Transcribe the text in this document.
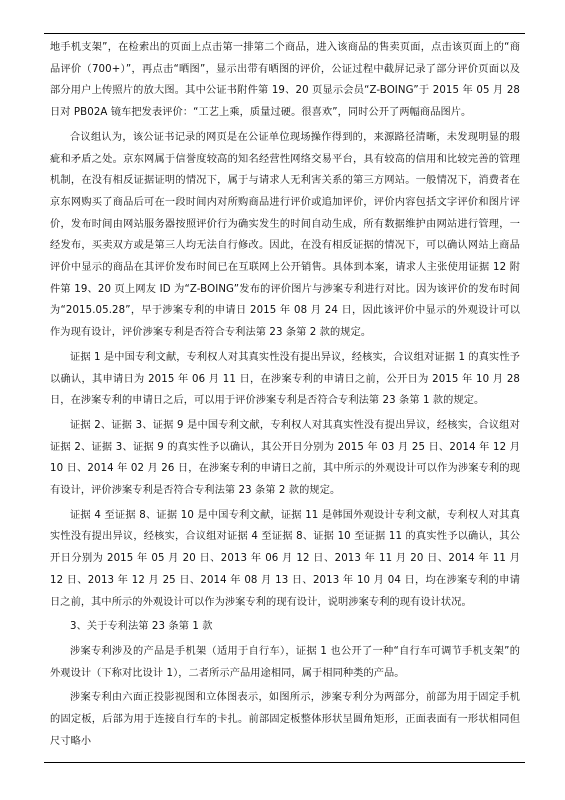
地手机支架”，在检索出的页面上点击第一排第二个商品，进入该商品的售卖页面，点击该页面上的“商品评价（700+）”，再点击“晒图”，显示出带有晒图的评价，公证过程中截屏记录了部分评价页面以及部分用户上传照片的放大图。其中公证书附件第 19、20 页显示会员“Z-BOING”于 2015 年 05 月 28 日对 PB02A 镜车把发表评价：“工艺上乘，质量过硬。很喜欢”，同时公开了两幅商品图片。

合议组认为，该公证书记录的网页是在公证单位现场操作得到的，来源路径清晰，未发现明显的瑕疵和矛盾之处。京东网属于信誉度较高的知名经营性网络交易平台，具有较高的信用和比较完善的管理机制，在没有相反证据证明的情况下，属于与请求人无利害关系的第三方网站。一般情况下，消费者在京东网购买了商品后可在一段时间内对所购商品进行评价或追加评价，评价内容包括文字评价和图片评价，发布时间由网站服务器按照评价行为确实发生的时间自动生成，所有数据维护由网站进行管理，一经发布，买卖双方或是第三人均无法自行修改。因此，在没有相反证据的情况下，可以确认网站上商品评价中显示的商品在其评价发布时间已在互联网上公开销售。具体到本案，请求人主张使用证据 12 附件第 19、20 页上网友 ID 为“Z-BOING”发布的评价图片与涉案专利进行对比。因为该评价的发布时间为“2015.05.28”，早于涉案专利的申请日 2015 年 08 月 24 日，因此该评价中显示的外观设计可以作为现有设计，评价涉案专利是否符合专利法第 23 条第 2 款的规定。

证据 1 是中国专利文献，专利权人对其真实性没有提出异议，经核实，合议组对证据 1 的真实性予以确认，其申请日为 2015 年 06 月 11 日，在涉案专利的申请日之前，公开日为 2015 年 10 月 28 日，在涉案专利的申请日之后，可以用于评价涉案专利是否符合专利法第 23 条第 1 款的规定。

证据 2、证据 3、证据 9 是中国专利文献，专利权人对其真实性没有提出异议，经核实，合议组对证据 2、证据 3、证据 9 的真实性予以确认，其公开日分别为 2015 年 03 月 25 日、2014 年 12 月 10 日、2014 年 02 月 26 日，在涉案专利的申请日之前，其中所示的外观设计可以作为涉案专利的现有设计，评价涉案专利是否符合专利法第 23 条第 2 款的规定。

证据 4 至证据 8、证据 10 是中国专利文献，证据 11 是韩国外观设计专利文献，专利权人对其真实性没有提出异议，经核实，合议组对证据 4 至证据 8、证据 10 至证据 11 的真实性予以确认，其公开日分别为 2015 年 05 月 20 日、2013 年 06 月 12 日、2013 年 11 月 20 日、2014 年 11 月 12 日、2013 年 12 月 25 日、2014 年 08 月 13 日、2013 年 10 月 04 日，均在涉案专利的申请日之前，其中所示的外观设计可以作为涉案专利的现有设计，说明涉案专利的现有设计状况。

3、关于专利法第 23 条第 1 款

涉案专利涉及的产品是手机架（适用于自行车），证据 1 也公开了一种“自行车可调节手机支架”的外观设计（下称对比设计 1），二者所示产品用途相同，属于相同种类的产品。

涉案专利由六面正投影视图和立体图表示，如图所示，涉案专利分为两部分，前部为用于固定手机的固定板，后部为用于连接自行车的卡扎。前部固定板整体形状呈圆角矩形，正面表面有一形状相同但尺寸略小
